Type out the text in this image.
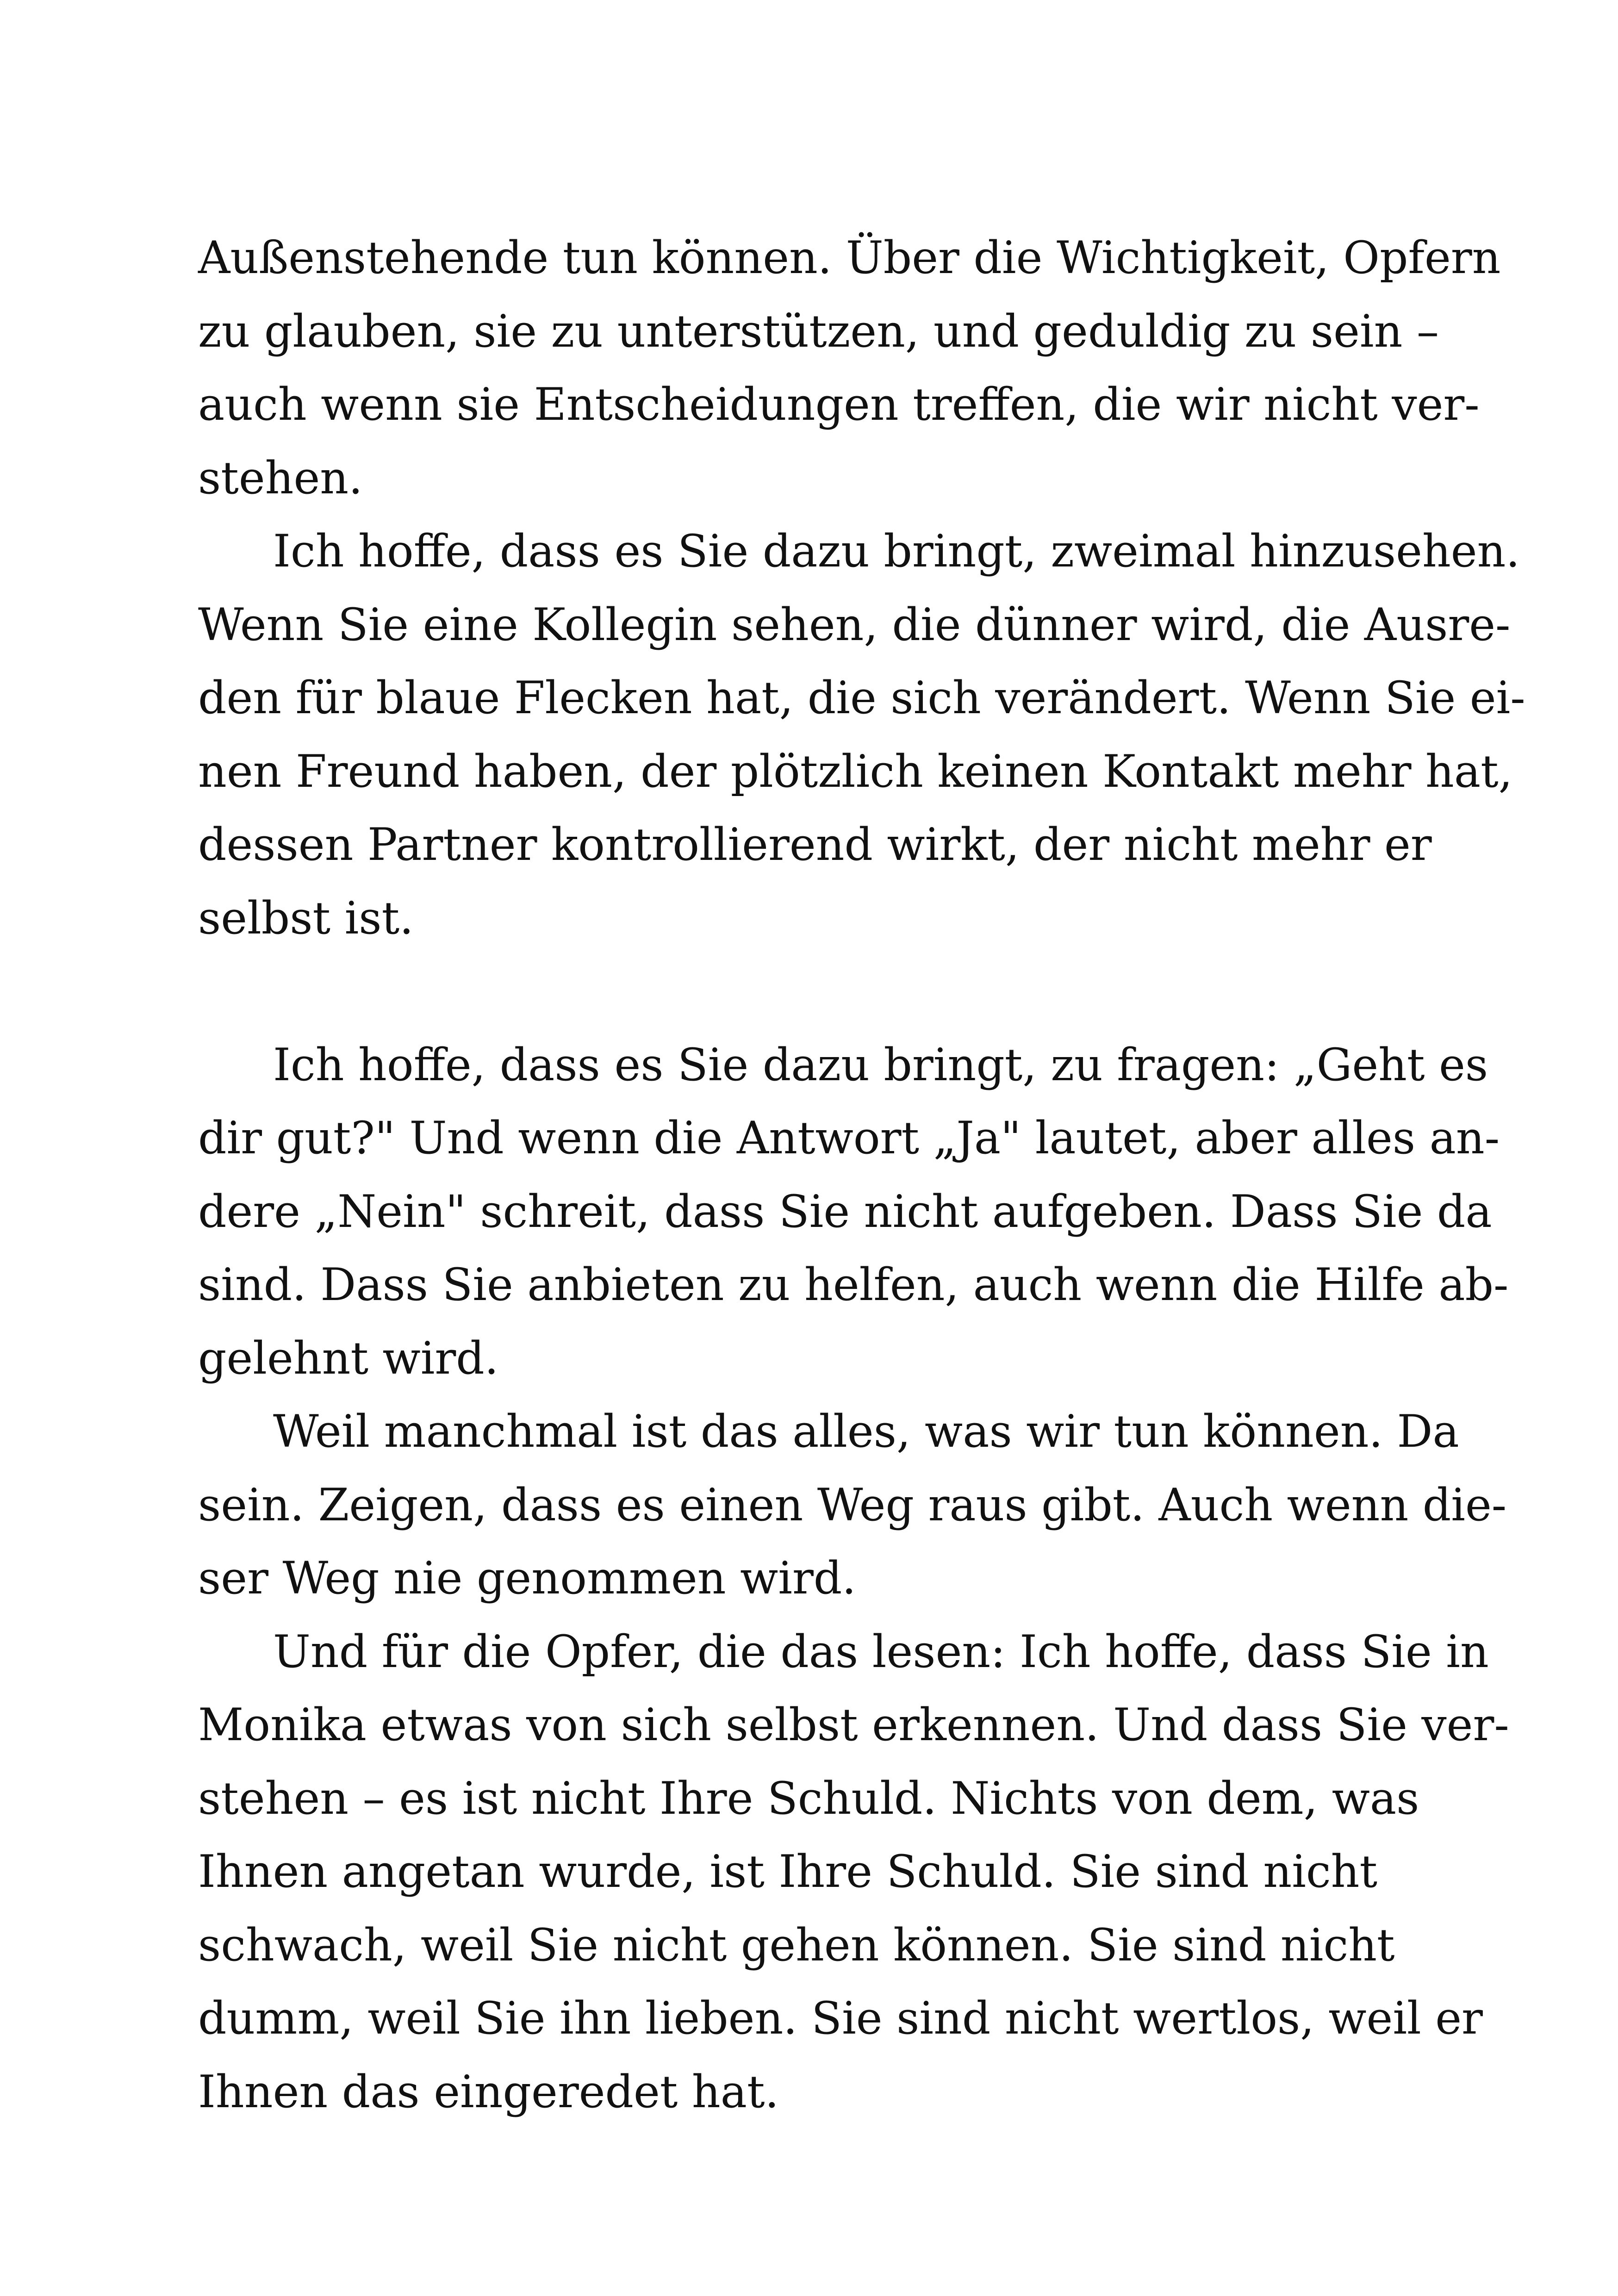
Außenstehende tun können. Über die Wichtigkeit, Opfern
zu glauben, sie zu unterstützen, und geduldig zu sein –
auch wenn sie Entscheidungen treffen, die wir nicht ver-
stehen.
Ich hoffe, dass es Sie dazu bringt, zweimal hinzusehen.
Wenn Sie eine Kollegin sehen, die dünner wird, die Ausre-
den für blaue Flecken hat, die sich verändert. Wenn Sie ei-
nen Freund haben, der plötzlich keinen Kontakt mehr hat,
dessen Partner kontrollierend wirkt, der nicht mehr er
selbst ist.
Ich hoffe, dass es Sie dazu bringt, zu fragen: „Geht es
dir gut?" Und wenn die Antwort „Ja" lautet, aber alles an-
dere „Nein" schreit, dass Sie nicht aufgeben. Dass Sie da
sind. Dass Sie anbieten zu helfen, auch wenn die Hilfe ab-
gelehnt wird.
Weil manchmal ist das alles, was wir tun können. Da
sein. Zeigen, dass es einen Weg raus gibt. Auch wenn die-
ser Weg nie genommen wird.
Und für die Opfer, die das lesen: Ich hoffe, dass Sie in
Monika etwas von sich selbst erkennen. Und dass Sie ver-
stehen – es ist nicht Ihre Schuld. Nichts von dem, was
Ihnen angetan wurde, ist Ihre Schuld. Sie sind nicht
schwach, weil Sie nicht gehen können. Sie sind nicht
dumm, weil Sie ihn lieben. Sie sind nicht wertlos, weil er
Ihnen das eingeredet hat.
